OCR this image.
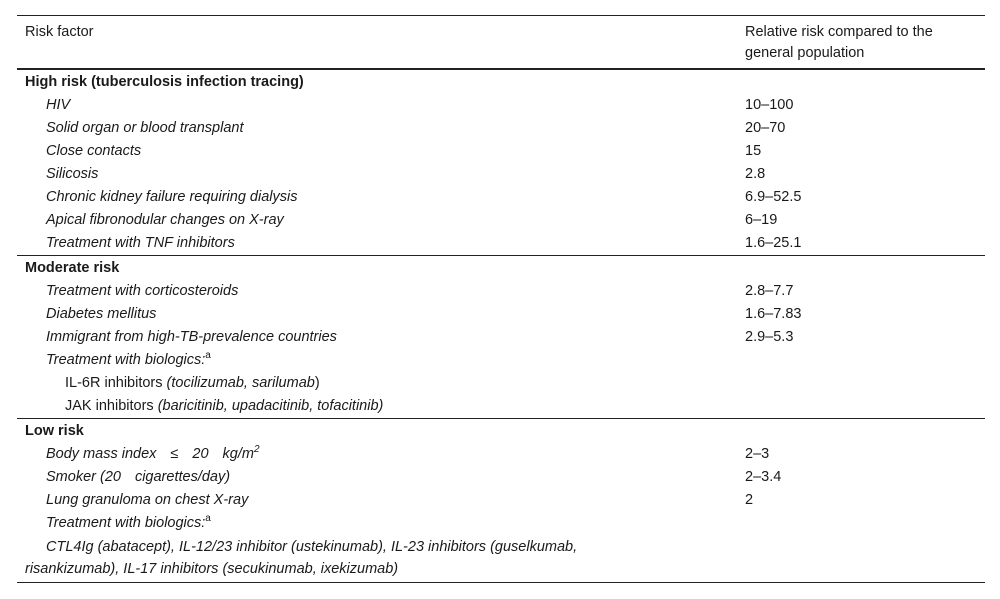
Risk factor	Relative risk compared to the
general population
High risk (tuberculosis infection tracing)
HIV	10–100
Solid organ or blood transplant	20–70
Close contacts	15
Silicosis	2.8
Chronic kidney failure requiring dialysis	6.9–52.5
Apical fibronodular changes on X-ray	6–19
Treatment with TNF inhibitors	1.6–25.1
Moderate risk
Treatment with corticosteroids	2.8–7.7
Diabetes mellitus	1.6–7.83
Immigrant from high-TB-prevalence countries	2.9–5.3
Treatment with biologics:$^a$
IL-6R inhibitors (tocilizumab, sarilumab)
JAK inhibitors (baricitinib, upadacitinib, tofacitinib)
Low risk
Body mass index ≤ 20 $kg/m^2$	2–3
Smoker (20 cigarettes/day)	2–3.4
Lung granuloma on chest X-ray	2
Treatment with biologics:$^a$
CTL4Ig (abatacept), IL-12/23 inhibitor (ustekinumab), IL-23 inhibitors (guselkumab,
risankizumab), IL-17 inhibitors (secukinumab, ixekizumab)
